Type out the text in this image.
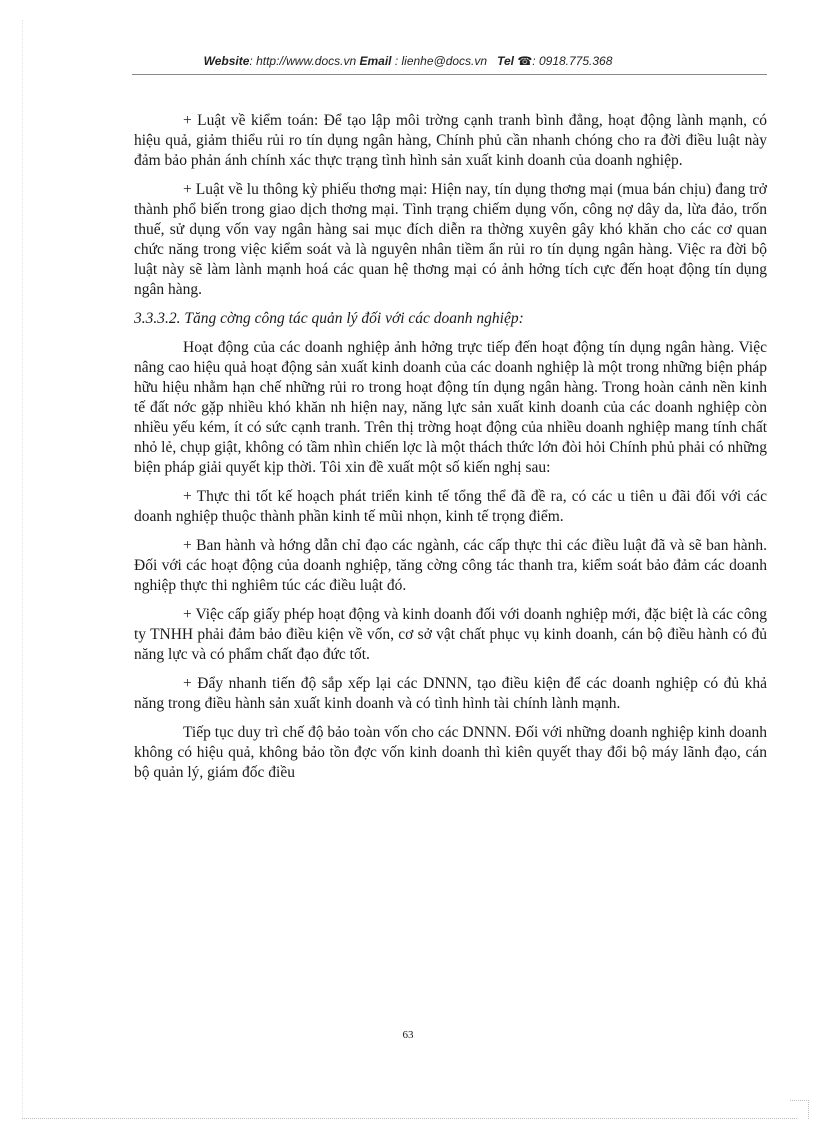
Website: http://www.docs.vn Email : lienhe@docs.vn Tel ☎: 0918.775.368

+ Luật về kiểm toán: Để tạo lập môi trờng cạnh tranh bình đẳng, hoạt động lành mạnh, có hiệu quả, giảm thiểu rủi ro tín dụng ngân hàng, Chính phủ cần nhanh chóng cho ra đời điều luật này đảm bảo phản ánh chính xác thực trạng tình hình sản xuất kinh doanh của doanh nghiệp.

+ Luật về lu thông kỳ phiếu thơng mại: Hiện nay, tín dụng thơng mại (mua bán chịu) đang trở thành phổ biến trong giao dịch thơng mại. Tình trạng chiếm dụng vốn, công nợ dây da, lừa đảo, trốn thuế, sử dụng vốn vay ngân hàng sai mục đích diễn ra thờng xuyên gây khó khăn cho các cơ quan chức năng trong việc kiểm soát và là nguyên nhân tiềm ẩn rủi ro tín dụng ngân hàng. Việc ra đời bộ luật này sẽ làm lành mạnh hoá các quan hệ thơng mại có ảnh hởng tích cực đến hoạt động tín dụng ngân hàng.

3.3.3.2. Tăng cờng công tác quản lý đối với các doanh nghiệp:

Hoạt động của các doanh nghiệp ảnh hởng trực tiếp đến hoạt động tín dụng ngân hàng. Việc nâng cao hiệu quả hoạt động sản xuất kinh doanh của các doanh nghiệp là một trong những biện pháp hữu hiệu nhằm hạn chế những rủi ro trong hoạt động tín dụng ngân hàng. Trong hoàn cảnh nền kinh tế đất nớc gặp nhiều khó khăn nh hiện nay, năng lực sản xuất kinh doanh của các doanh nghiệp còn nhiều yếu kém, ít có sức cạnh tranh. Trên thị trờng hoạt động của nhiều doanh nghiệp mang tính chất nhỏ lẻ, chụp giật, không có tầm nhìn chiến lợc là một thách thức lớn đòi hỏi Chính phủ phải có những biện pháp giải quyết kịp thời. Tôi xin đề xuất một số kiến nghị sau:

+ Thực thi tốt kế hoạch phát triển kinh tế tổng thể đã đề ra, có các u tiên u đãi đối với các doanh nghiệp thuộc thành phần kinh tế mũi nhọn, kinh tế trọng điểm.

+ Ban hành và hớng dẫn chỉ đạo các ngành, các cấp thực thi các điều luật đã và sẽ ban hành. Đối với các hoạt động của doanh nghiệp, tăng cờng công tác thanh tra, kiểm soát bảo đảm các doanh nghiệp thực thi nghiêm túc các điều luật đó.

+ Việc cấp giấy phép hoạt động và kinh doanh đối với doanh nghiệp mới, đặc biệt là các công ty TNHH phải đảm bảo điều kiện về vốn, cơ sở vật chất phục vụ kinh doanh, cán bộ điều hành có đủ năng lực và có phẩm chất đạo đức tốt.

+ Đẩy nhanh tiến độ sắp xếp lại các DNNN, tạo điều kiện để các doanh nghiệp có đủ khả năng trong điều hành sản xuất kinh doanh và có tình hình tài chính lành mạnh.

Tiếp tục duy trì chế độ bảo toàn vốn cho các DNNN. Đối với những doanh nghiệp kinh doanh không có hiệu quả, không bảo tồn đợc vốn kinh doanh thì kiên quyết thay đổi bộ máy lãnh đạo, cán bộ quản lý, giám đốc điều

63
